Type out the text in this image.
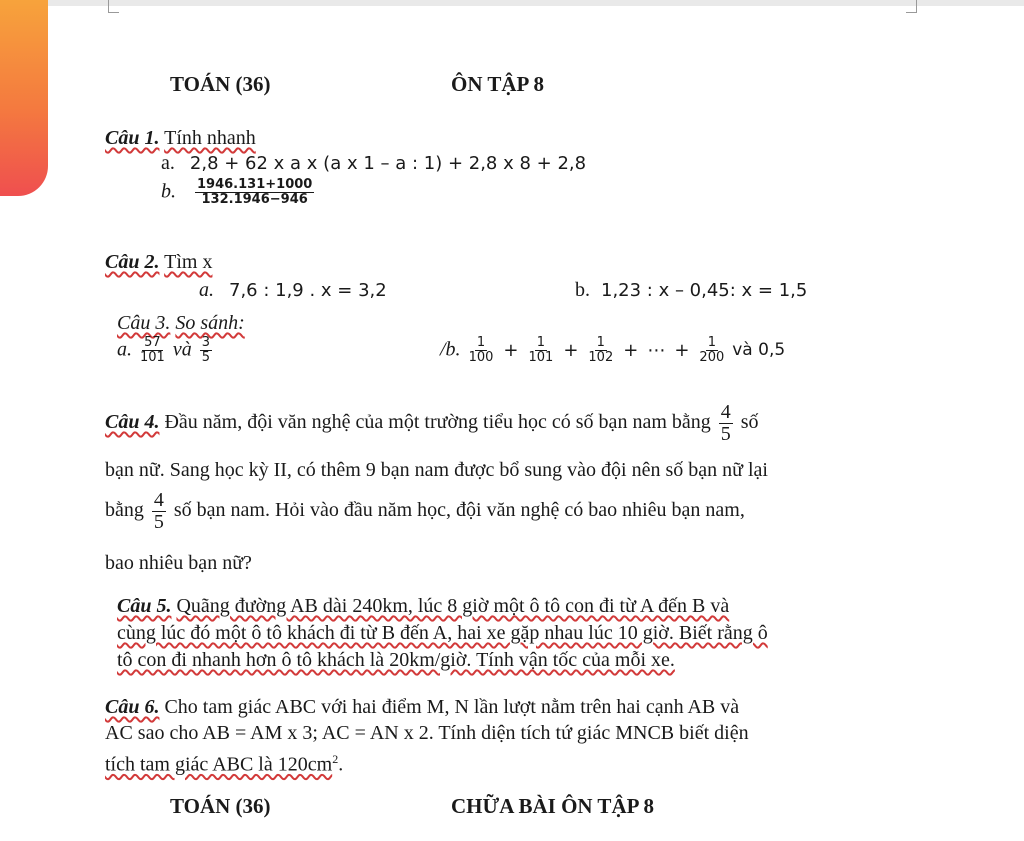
TOÁN (36)	ÔN TẬP 8
Câu 1. Tính nhanh
a. 2,8 + 62 x a x (a x 1 – a : 1) + 2,8 x 8 + 2,8
b. $\frac{1946.131+1000}{132.1946-946}$
Câu 2. Tìm x
a. 7,6 : 1,9 . x = 3,2	b. 1,23 : x – 0,45: x = 1,5
Câu 3. So sánh:
a. $\frac{57}{101}$ và $\frac{3}{5}$	/b. $\frac{1}{100} + \frac{1}{101} + \frac{1}{102}$ + ⋯ + $\frac{1}{200}$ và 0,5
Câu 4. Đầu năm, đội văn nghệ của một trường tiểu học có số bạn nam bằng $\frac{4}{5}$ số
bạn nữ. Sang học kỳ II, có thêm 9 bạn nam được bổ sung vào đội nên số bạn nữ lại
bằng $\frac{4}{5}$ số bạn nam. Hỏi vào đầu năm học, đội văn nghệ có bao nhiêu bạn nam,
bao nhiêu bạn nữ?
Câu 5. Quãng đường AB dài 240km, lúc 8 giờ một ô tô con đi từ A đến B và
cùng lúc đó một ô tô khách đi từ B đến A, hai xe gặp nhau lúc 10 giờ. Biết rằng ô
tô con đi nhanh hơn ô tô khách là 20km/giờ. Tính vận tốc của mỗi xe.
Câu 6. Cho tam giác ABC với hai điểm M, N lần lượt nằm trên hai cạnh AB và
AC sao cho AB = AM x 3; AC = AN x 2. Tính diện tích tứ giác MNCB biết diện
tích tam giác ABC là $120cm^2$.
TOÁN (36)	CHỮA BÀI ÔN TẬP 8
